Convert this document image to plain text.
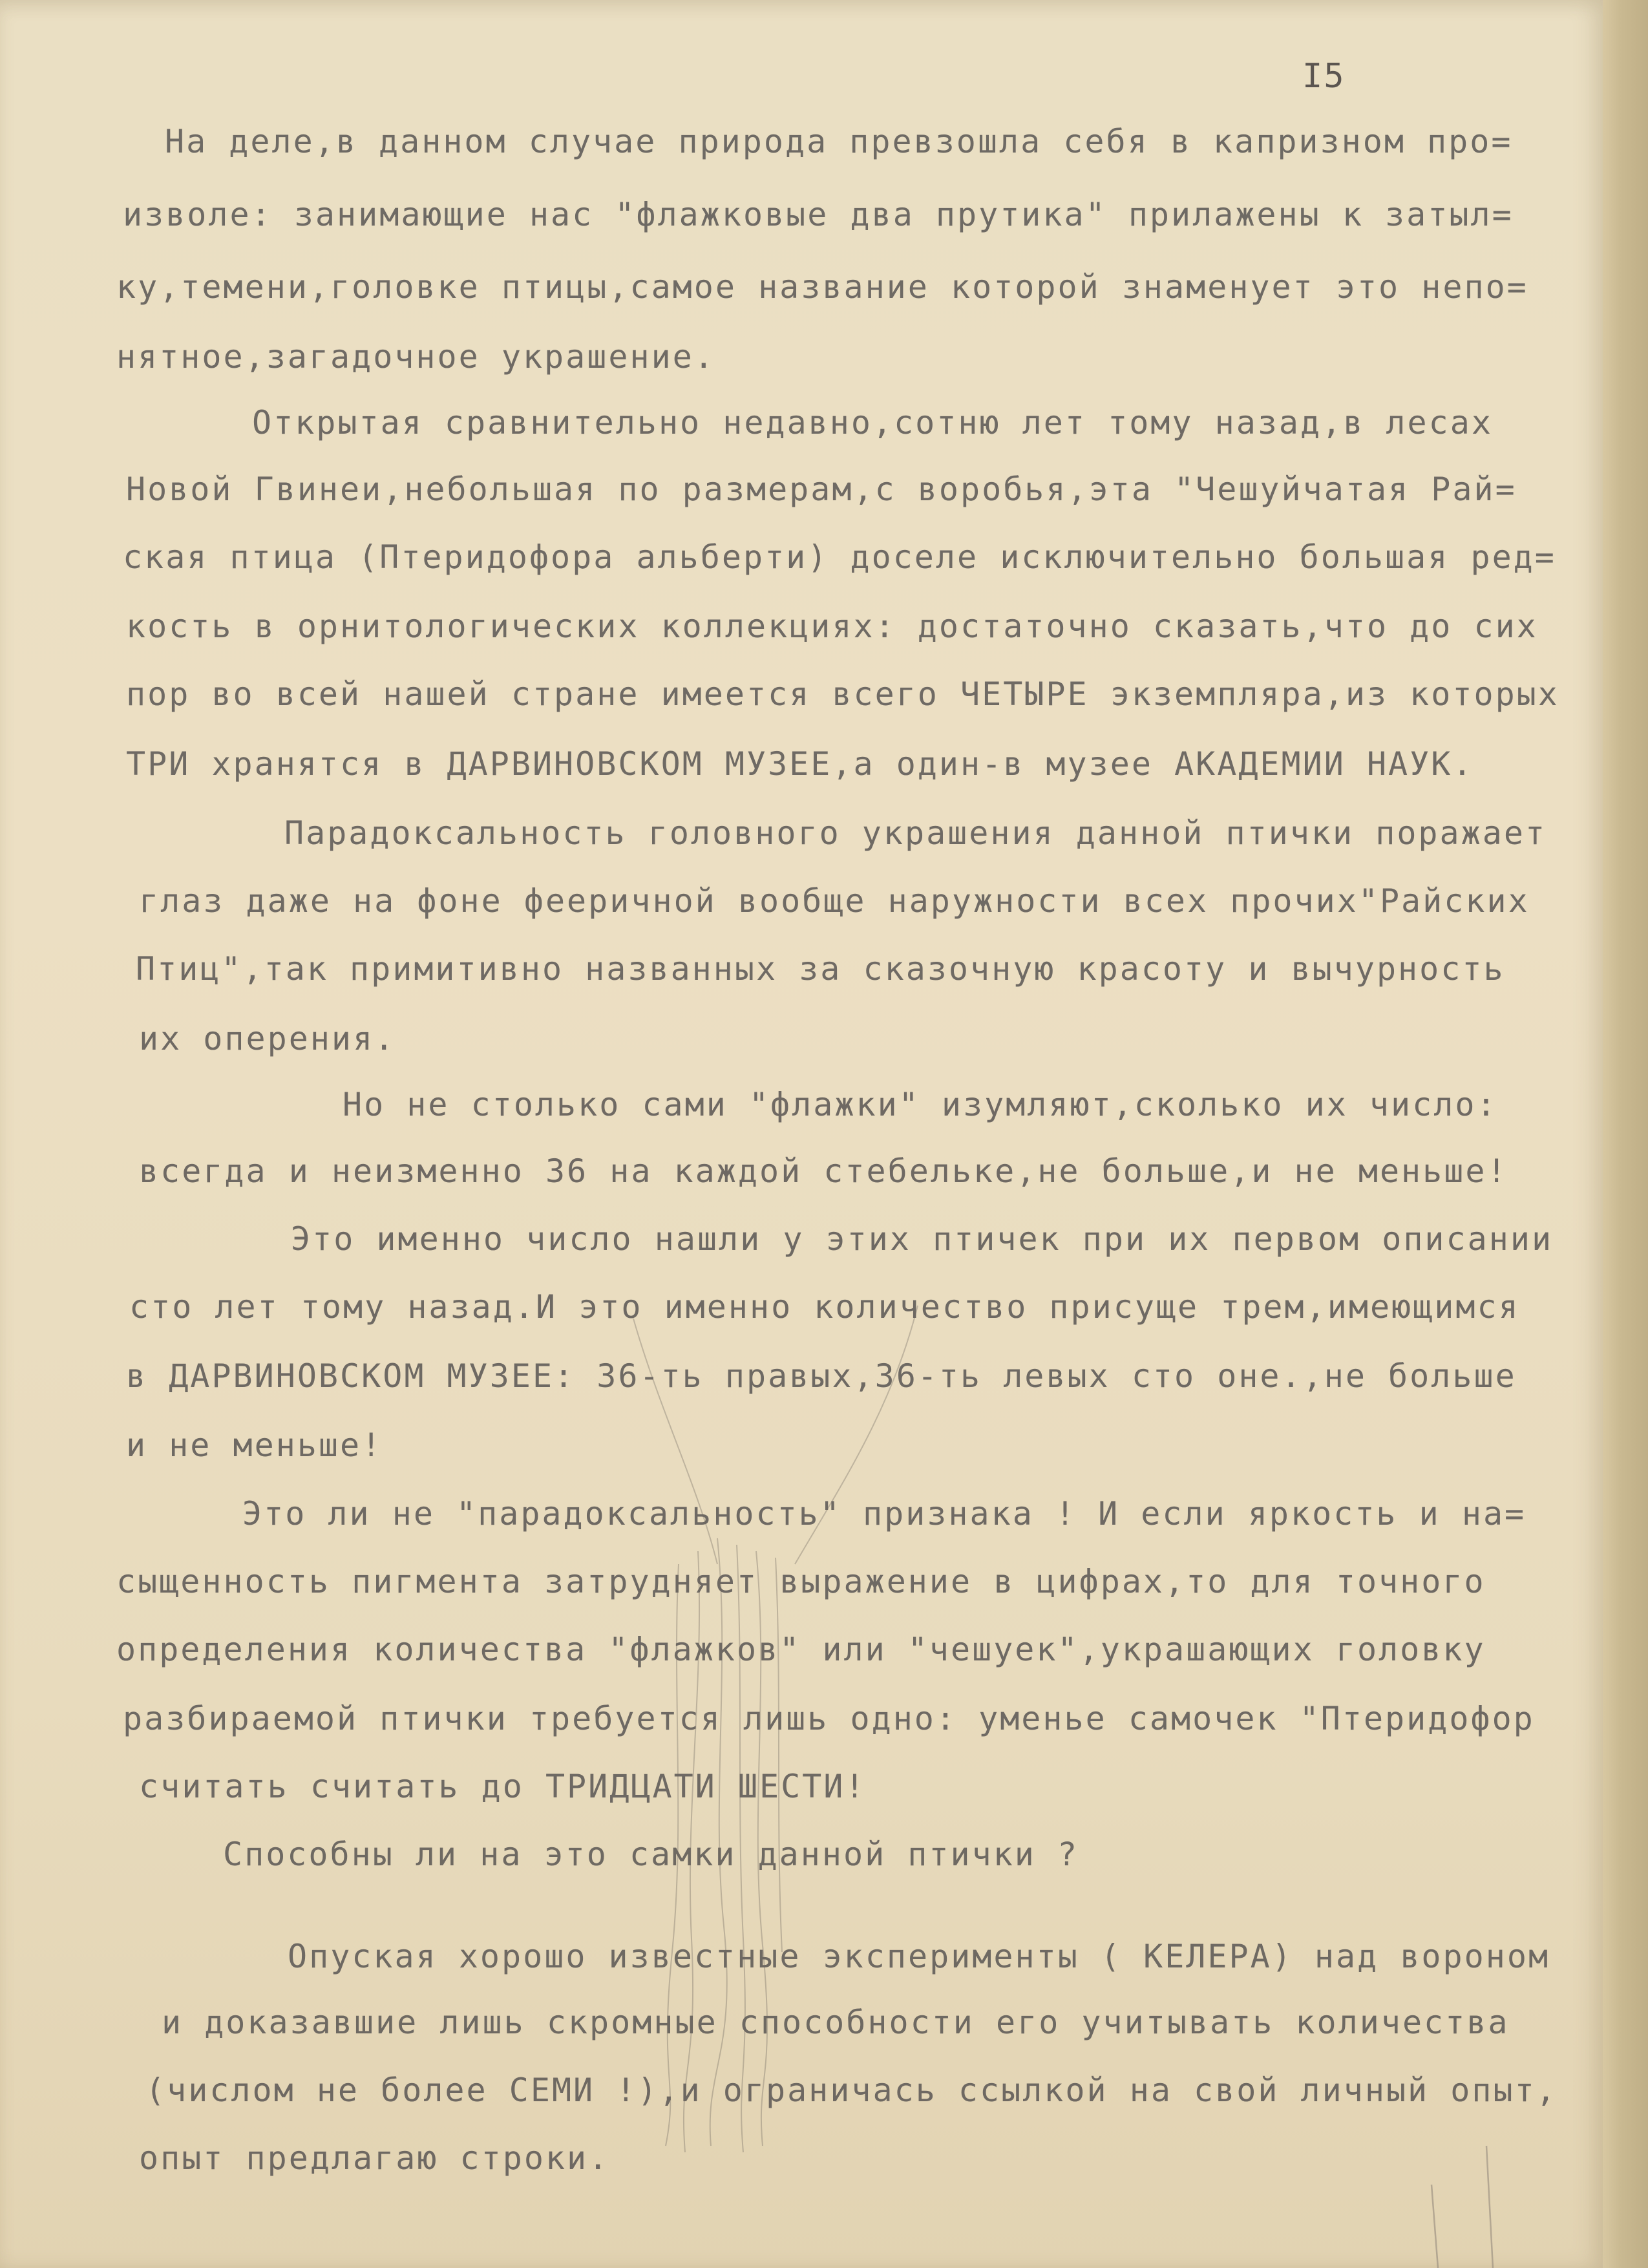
I5
На деле,в данном случае природа превзошла себя в капризном про=
изволе: занимающие нас "флажковые два прутика" прилажены к затыл=
ку,темени,головке птицы,самое название которой знаменует это непо=
нятное,загадочное украшение.
Открытая сравнительно недавно,сотню лет тому назад,в лесах
Новой Гвинеи,небольшая по размерам,с воробья,эта "Чешуйчатая Рай=
ская птица (Птеридофора альберти) доселе исключительно большая ред=
кость в орнитологических коллекциях: достаточно сказать,что до сих
пор во всей нашей стране имеется всего ЧЕТЫРЕ экземпляра,из которых
ТРИ хранятся в ДАРВИНОВСКОМ МУЗЕЕ,а один-в музее АКАДЕМИИ НАУК.
Парадоксальность головного украшения данной птички поражает
глаз даже на фоне фееричной вообще наружности всех прочих"Райских
Птиц",так примитивно названных за сказочную красоту и вычурность
их оперения.
Но не столько сами "флажки" изумляют,сколько их число:
всегда и неизменно 36 на каждой стебельке,не больше,и не меньше!
Это именно число нашли у этих птичек при их первом описании
сто лет тому назад.И это именно количество присуще трем,имеющимся
в ДАРВИНОВСКОМ МУЗЕЕ: 36-ть правых,36-ть левых сто оне.,не больше
и не меньше!
Это ли не "парадоксальность" признака ! И если яркость и на=
сыщенность пигмента затрудняет выражение в цифрах,то для точного
определения количества "флажков" или "чешуек",украшающих головку
разбираемой птички требуется лишь одно: уменье самочек "Птеридофор
считать считать до ТРИДЦАТИ ШЕСТИ!
Способны ли на это самки данной птички ?
Опуская хорошо известные эксперименты ( КЕЛЕРА) над вороном
и доказавшие лишь скромные способности его учитывать количества
(числом не более СЕМИ !),и ограничась ссылкой на свой личный опыт,
опыт предлагаю строки.
